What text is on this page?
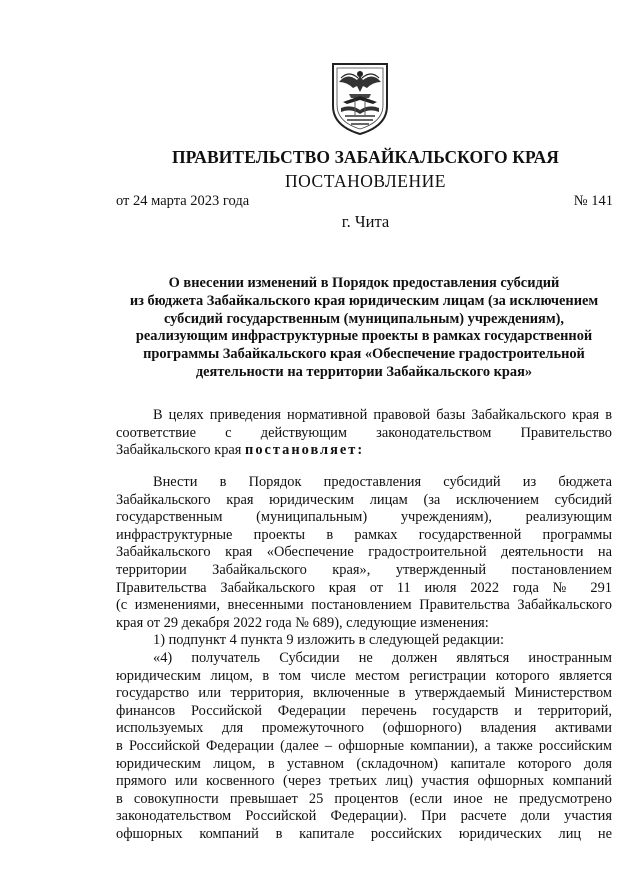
ПРАВИТЕЛЬСТВО ЗАБАЙКАЛЬСКОГО КРАЯ
ПОСТАНОВЛЕНИЕ
от 24 марта 2023 года	№ 141
г. Чита
О внесении изменений в Порядок предоставления субсидий
из бюджета Забайкальского края юридическим лицам (за исключением
субсидий государственным (муниципальным) учреждениям),
реализующим инфраструктурные проекты в рамках государственной
программы Забайкальского края «Обеспечение градостроительной
деятельности на территории Забайкальского края»
В целях приведения нормативной правовой базы Забайкальского края в
соответствие с действующим законодательством Правительство
Забайкальского края постановляет:
Внести в Порядок предоставления субсидий из бюджета
Забайкальского края юридическим лицам (за исключением субсидий
государственным (муниципальным) учреждениям), реализующим
инфраструктурные проекты в рамках государственной программы
Забайкальского края «Обеспечение градостроительной деятельности на
территории Забайкальского края», утвержденный постановлением
Правительства Забайкальского края от 11 июля 2022 года № 291
(с изменениями, внесенными постановлением Правительства Забайкальского
края от 29 декабря 2022 года № 689), следующие изменения:
1) подпункт 4 пункта 9 изложить в следующей редакции:
«4) получатель Субсидии не должен являться иностранным
юридическим лицом, в том числе местом регистрации которого является
государство или территория, включенные в утверждаемый Министерством
финансов Российской Федерации перечень государств и территорий,
используемых для промежуточного (офшорного) владения активами
в Российской Федерации (далее – офшорные компании), а также российским
юридическим лицом, в уставном (складочном) капитале которого доля
прямого или косвенного (через третьих лиц) участия офшорных компаний
в совокупности превышает 25 процентов (если иное не предусмотрено
законодательством Российской Федерации). При расчете доли участия
офшорных компаний в капитале российских юридических лиц не
